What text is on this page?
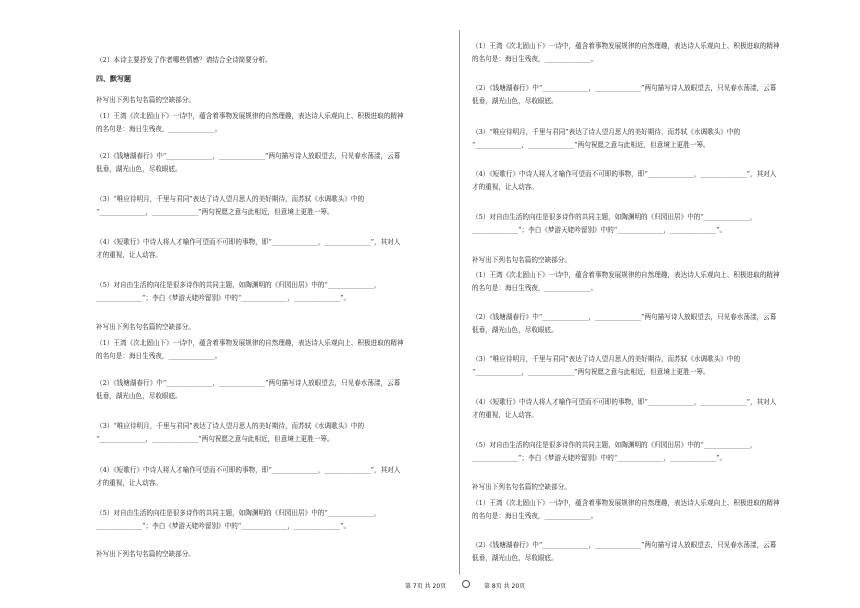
（2）本诗主要抒发了作者哪些情感？请结合全诗简要分析。
四、默写题
补写出下列名句名篇的空缺部分。
（1）王湾《次北固山下》一诗中，蕴含着事物发展规律的自然理趣，表达诗人乐观向上、积极进取的精神
的名句是：海日生残夜，______________。
（2）《钱塘湖春行》中“______________，______________”两句描写诗人放眼望去，只见春水荡漾，云幕
低垂，湖光山色，尽收眼底。
（3）“唯应待明月，千里与君同”表达了诗人望月思人的美好期待，而苏轼《水调歌头》中的
“______________，______________”两句祝愿之意与此相近，但意境上更胜一筹。
（4）《短歌行》中诗人将人才喻作可望而不可即的事物，即“______________，______________”，其对人
才的重视，让人动容。
（5）对自由生活的向往是很多诗作的共同主题，如陶渊明的《归园田居》中的“______________，
______________”；李白《梦游天姥吟留别》中的“______________，______________”。
补写出下列名句名篇的空缺部分。
（1）王湾《次北固山下》一诗中，蕴含着事物发展规律的自然理趣，表达诗人乐观向上、积极进取的精神
的名句是：海日生残夜，______________。
（2）《钱塘湖春行》中“______________，______________”两句描写诗人放眼望去，只见春水荡漾，云幕
低垂，湖光山色，尽收眼底。
（3）“唯应待明月，千里与君同”表达了诗人望月思人的美好期待，而苏轼《水调歌头》中的
“______________，______________”两句祝愿之意与此相近，但意境上更胜一筹。
（4）《短歌行》中诗人将人才喻作可望而不可即的事物，即“______________，______________”，其对人
才的重视，让人动容。
（5）对自由生活的向往是很多诗作的共同主题，如陶渊明的《归园田居》中的“______________，
______________”；李白《梦游天姥吟留别》中的“______________，______________”。
补写出下列名句名篇的空缺部分。
（1）王湾《次北固山下》一诗中，蕴含着事物发展规律的自然理趣，表达诗人乐观向上、积极进取的精神
的名句是：海日生残夜，______________。
（2）《钱塘湖春行》中“______________，______________”两句描写诗人放眼望去，只见春水荡漾，云幕
低垂，湖光山色，尽收眼底。
（3）“唯应待明月，千里与君同”表达了诗人望月思人的美好期待，而苏轼《水调歌头》中的
“______________，______________”两句祝愿之意与此相近，但意境上更胜一筹。
（4）《短歌行》中诗人将人才喻作可望而不可即的事物，即“______________，______________”，其对人
才的重视，让人动容。
（5）对自由生活的向往是很多诗作的共同主题，如陶渊明的《归园田居》中的“______________，
______________”；李白《梦游天姥吟留别》中的“______________，______________”。
补写出下列名句名篇的空缺部分。
（1）王湾《次北固山下》一诗中，蕴含着事物发展规律的自然理趣，表达诗人乐观向上、积极进取的精神
的名句是：海日生残夜，______________。
（2）《钱塘湖春行》中“______________，______________”两句描写诗人放眼望去，只见春水荡漾，云幕
低垂，湖光山色，尽收眼底。
（3）“唯应待明月，千里与君同”表达了诗人望月思人的美好期待，而苏轼《水调歌头》中的
“______________，______________”两句祝愿之意与此相近，但意境上更胜一筹。
（4）《短歌行》中诗人将人才喻作可望而不可即的事物，即“______________，______________”，其对人
才的重视，让人动容。
（5）对自由生活的向往是很多诗作的共同主题，如陶渊明的《归园田居》中的“______________，
______________”；李白《梦游天姥吟留别》中的“______________，______________”。
补写出下列名句名篇的空缺部分。
（1）王湾《次北固山下》一诗中，蕴含着事物发展规律的自然理趣，表达诗人乐观向上、积极进取的精神
的名句是：海日生残夜，______________。
（2）《钱塘湖春行》中“______________，______________”两句描写诗人放眼望去，只见春水荡漾，云幕
低垂，湖光山色，尽收眼底。
第 7页 共 20页	第 8页 共 20页
